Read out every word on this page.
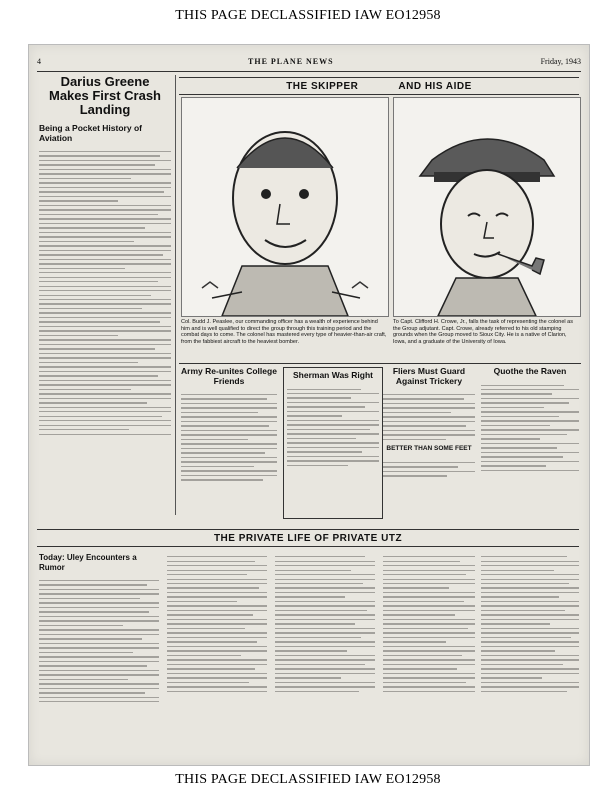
THIS PAGE DECLASSIFIED IAW EO12958
4	THE PLANE NEWS	Friday, 1943
Darius Greene Makes First Crash Landing
Being a Pocket History of Aviation
THE SKIPPER	AND HIS AIDE
Col. Budd J. Peaslee, our commanding officer has a wealth of experience behind him and is well qualified to direct the group through this training period and the combat days to come. The colonel has mastered every type of heavier-than-air craft, from the fabbiest aircraft to the heaviest bomber.
To Capt. Clifford H. Crowe, Jr., falls the task of representing the colonel as the Group adjutant. Capt. Crowe, already referred to his old stamping grounds when the Group moved to Sioux City. He is a native of Clarion, Iowa, and a graduate of the University of Iowa.
Army Re-unites College Friends
Sherman Was Right	Fliers Must Guard Against Trickery
BETTER THAN SOME FEET
Quothe the Raven
THE PRIVATE LIFE OF PRIVATE UTZ
Today: Uley Encounters a Rumor
THIS PAGE DECLASSIFIED IAW EO12958
